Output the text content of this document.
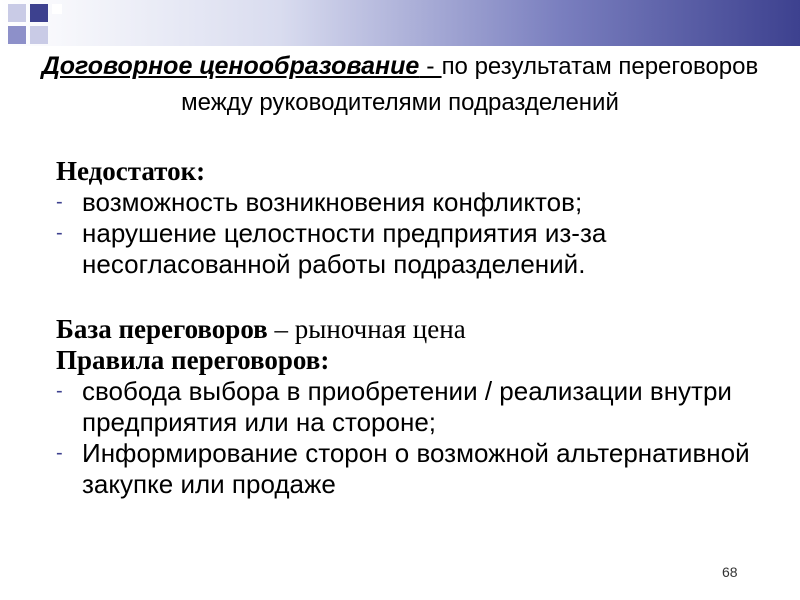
Договорное ценообразование - по результатам переговоров между руководителями подразделений
Недостаток:
- возможность возникновения конфликтов;
- нарушение целостности предприятия из-за несогласованной работы подразделений.
База переговоров – рыночная цена
Правила переговоров:
- свобода выбора в приобретении / реализации внутри предприятия или на стороне;
- Информирование сторон о возможной альтернативной закупке или продаже
68
